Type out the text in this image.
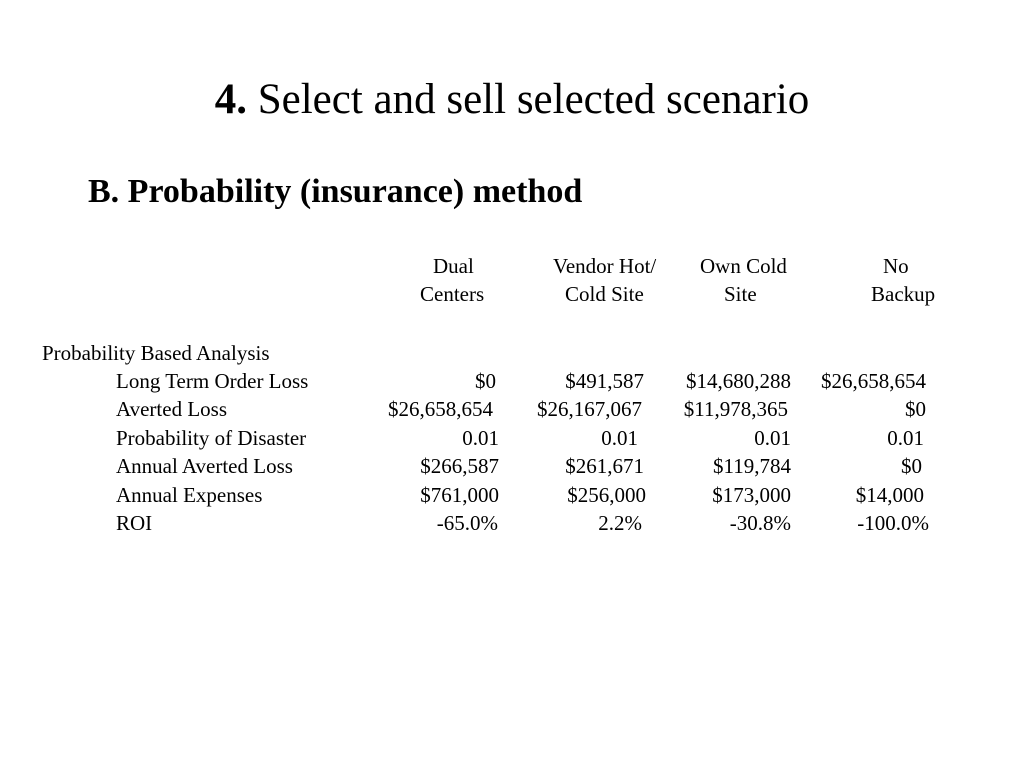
4. Select and sell selected scenario
B. Probability (insurance) method
Dual
Centers
Vendor Hot/
Cold Site
Own Cold
Site
No
Backup
Probability Based Analysis
Long Term Order Loss	$0	$491,587 $14,680,288 $26,658,654
Averted Loss	$26,658,654 $26,167,067 $11,978,365	$0
Probability of Disaster	0.01	0.01	0.01	0.01
Annual Averted Loss	$266,587	$261,671	$119,784	$0
Annual Expenses	$761,000	$256,000	$173,000	$14,000
ROI	-65.0%	2.2%	-30.8%	-100.0%
